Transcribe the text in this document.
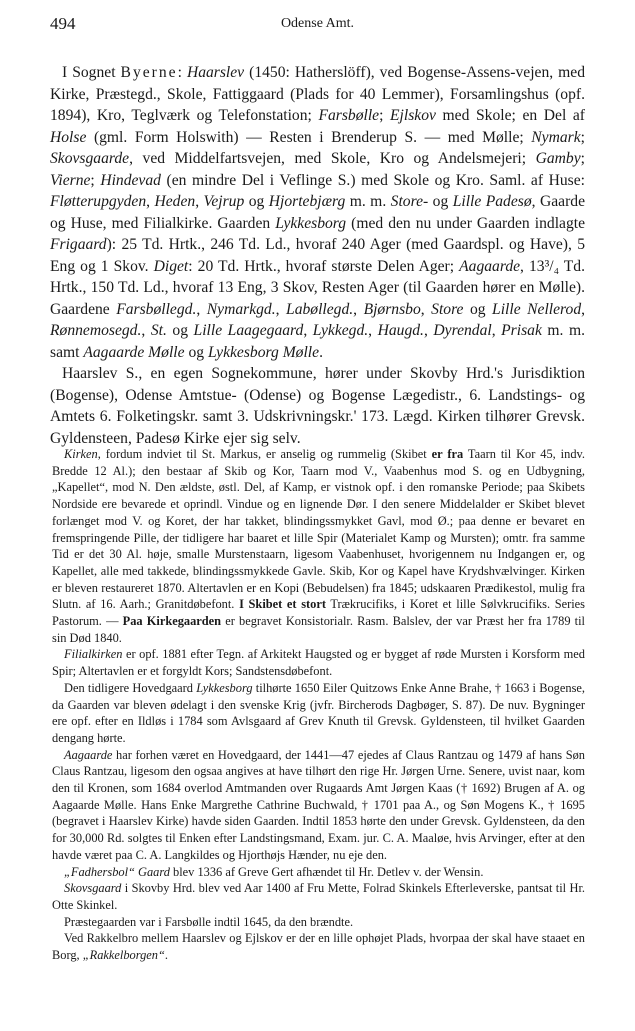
494	Odense Amt.

I Sognet Byerne: Haarslev (1450: Hatherslöff), ved Bogense-Assens-vejen, med Kirke, Præstegd., Skole, Fattiggaard (Plads for 40 Lemmer), Forsamlingshus (opf. 1894), Kro, Teglværk og Telefonstation; Farsbølle; Ejlskov med Skole; en Del af Holse (gml. Form Holswith) — Resten i Brenderup S. — med Mølle; Nymark; Skovsgaarde, ved Middelfartsvejen, med Skole, Kro og Andelsmejeri; Gamby; Vierne; Hindevad (en mindre Del i Veflinge S.) med Skole og Kro. Saml. af Huse: Fløtterupgyden, Heden, Vejrup og Hjortebjærg m. m. Store- og Lille Padesø, Gaarde og Huse, med Filialkirke. Gaarden Lykkesborg (med den nu under Gaarden indlagte Frigaard): 25 Td. Hrtk., 246 Td. Ld., hvoraf 240 Ager (med Gaardspl. og Have), 5 Eng og 1 Skov. Diget: 20 Td. Hrtk., hvoraf største Delen Ager; Aagaarde, 13³/₄ Td. Hrtk., 150 Td. Ld., hvoraf 13 Eng, 3 Skov, Resten Ager (til Gaarden hører en Mølle). Gaardene Farsbøllegd., Nymarkgd., Labøllegd., Bjørnsbo, Store og Lille Nellerod, Rønnemosegd., St. og Lille Laagegaard, Lykkegd., Haugd., Dyrendal, Prisak m. m. samt Aagaarde Mølle og Lykkesborg Mølle.

Haarslev S., en egen Sognekommune, hører under Skovby Hrd.'s Jurisdiktion (Bogense), Odense Amtstue- (Odense) og Bogense Lægedistr., 6. Landstings- og Amtets 6. Folketingskr. samt 3. Udskrivningskr.' 173. Lægd. Kirken tilhører Grevsk. Gyldensteen, Padesø Kirke ejer sig selv.

Kirken, fordum indviet til St. Markus, er anselig og rummelig (Skibet er fra Taarn til Kor 45, indv. Bredde 12 Al.); den bestaar af Skib og Kor, Taarn mod V., Vaabenhus mod S. og en Udbygning, „Kapellet“, mod N. Den ældste, østl. Del, af Kamp, er vistnok opf. i den romanske Periode; paa Skibets Nordside ere bevarede et oprindl. Vindue og en lignende Dør. I den senere Middelalder er Skibet blevet forlænget mod V. og Koret, der har takket, blindingssmykket Gavl, mod Ø.; paa denne er bevaret en fremspringende Pille, der tidligere har baaret et lille Spir (Materialet Kamp og Mursten); omtr. fra samme Tid er det 30 Al. høje, smalle Murstenstaarn, ligesom Vaabenhuset, hvorigennem nu Indgangen er, og Kapellet, alle med takkede, blindingssmykkede Gavle. Skib, Kor og Kapel have Krydshvælvinger. Kirken er bleven restaureret 1870. Altertavlen er en Kopi (Bebudelsen) fra 1845; udskaaren Prædikestol, mulig fra Slutn. af 16. Aarh.; Granitdøbefont. I Skibet et stort Trækrucifiks, i Koret et lille Sølvkrucifiks. Series Pastorum. — Paa Kirkegaarden er begravet Konsistorialr. Rasm. Balslev, der var Præst her fra 1789 til sin Død 1840.

Filialkirken er opf. 1881 efter Tegn. af Arkitekt Haugsted og er bygget af røde Mursten i Korsform med Spir; Altertavlen er et forgyldt Kors; Sandstensdøbefont.

Den tidligere Hovedgaard Lykkesborg tilhørte 1650 Eiler Quitzows Enke Anne Brahe, † 1663 i Bogense, da Gaarden var bleven ødelagt i den svenske Krig (jvfr. Bircherods Dagbøger, S. 87). De nuv. Bygninger ere opf. efter en Ildløs i 1784 som Avlsgaard af Grev Knuth til Grevsk. Gyldensteen, til hvilket Gaarden dengang hørte.

Aagaarde har forhen været en Hovedgaard, der 1441—47 ejedes af Claus Rantzau og 1479 af hans Søn Claus Rantzau, ligesom den ogsaa angives at have tilhørt den rige Hr. Jørgen Urne. Senere, uvist naar, kom den til Kronen, som 1684 overlod Amtmanden over Rugaards Amt Jørgen Kaas († 1692) Brugen af A. og Aagaarde Mølle. Hans Enke Margrethe Cathrine Buchwald, † 1701 paa A., og Søn Mogens K., † 1695 (begravet i Haarslev Kirke) havde siden Gaarden. Indtil 1853 hørte den under Grevsk. Gyldensteen, da den for 30,000 Rd. solgtes til Enken efter Landstingsmand, Exam. jur. C. A. Maaløe, hvis Arvinger, efter at den havde været paa C. A. Langkildes og Hjorthøjs Hænder, nu eje den.

„Fadhersbol“ Gaard blev 1336 af Greve Gert afhændet til Hr. Detlev v. der Wensin.

Skovsgaard i Skovby Hrd. blev ved Aar 1400 af Fru Mette, Folrad Skinkels Efterleverske, pantsat til Hr. Otte Skinkel.

Præstegaarden var i Farsbølle indtil 1645, da den brændte.

Ved Rakkelbro mellem Haarslev og Ejlskov er der en lille ophøjet Plads, hvorpaa der skal have staaet en Borg, „Rakkelborgen“.
